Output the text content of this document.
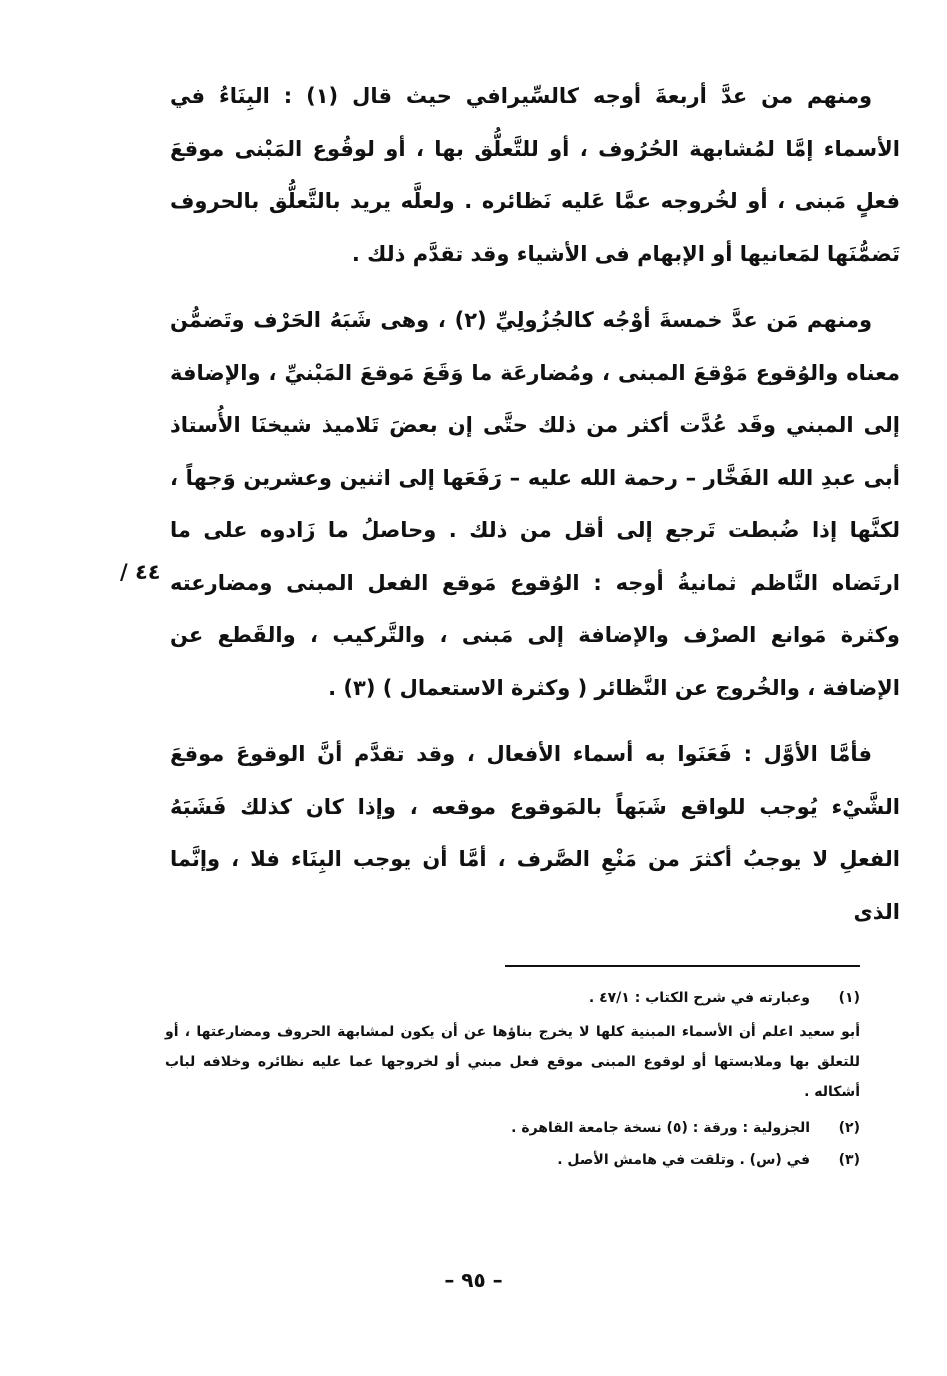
ومنهم من عدَّ أربعةَ أوجه كالسِّيرافي حيث قال (١) : البِنَاءُ في الأسماء إمَّا لمُشابهة الحُرُوف ، أو للتَّعلُّق بها ، أو لوقُوع المَبْنى موقعَ فعلٍ مَبنى ، أو لخُروجه عمَّا عَليه نَظائره . ولعلَّه يريد بالتَّعلُّق بالحروف تَضمُّنَها لمَعانيها أو الإبهام فى الأشياء وقد تقدَّم ذلك .

ومنهم مَن عدَّ خمسةَ أوْجُه كالجُزُولِيِّ (٢) ، وهى شَبَهُ الحَرْف وتَضمُّن معناه والوُقوع مَوْقعَ المبنى ، ومُضارعَة ما وَقَعَ مَوقعَ المَبْنيِّ ، والإضافة إلى المبني وقَد عُدَّت أكثر من ذلك حتَّى إن بعضَ تَلاميذ شيخنَا الأُستاذ أبى عبدِ الله الفَخَّار – رحمة الله عليه – رَفَعَها إلى اثنين وعشرين وَجهاً ، لكنَّها إذا ضُبطت تَرجع إلى أقل من ذلك . وحاصلُ ما زَادوه على ما ارتَضاه النَّاظم ثمانيةُ أوجه : الوُقوع مَوقع الفعل المبنى ومضارعته وكثرة مَوانع الصرْف والإضافة إلى مَبنى ، والتَّركيب ، والقَطع عن الإضافة ، والخُروج عن النَّظائر ( وكثرة الاستعمال ) (٣) .

فأمَّا الأوَّل : فَعَنَوا به أسماء الأفعال ، وقد تقدَّم أنَّ الوقوعَ موقعَ الشَّيْء يُوجب للواقع شَبَهاً بالمَوقوع موقعه ، وإذا كان كذلك فَشَبَهُ الفعلِ لا يوجبُ أكثرَ من مَنْعِ الصَّرف ، أمَّا أن يوجب البِنَاء فلا ، وإنَّما الذى

/ ٤٤
(١)
وعبارته في شرح الكتاب : ٤٧/١ .
أبو سعيد اعلم أن الأسماء المبنية كلها لا يخرج بناؤها عن أن يكون لمشابهة الحروف ومضارعتها ، أو للتعلق بها وملابستها أو لوقوع المبنى موقع فعل مبني أو لخروجها عما عليه نظائره وخلافه لباب أشكاله .
(٢)
الجزولية : ورقة : (٥) نسخة جامعة القاهرة .
(٣)
في (س) . وتلقت في هامش الأصل .
– ٩٥ –
